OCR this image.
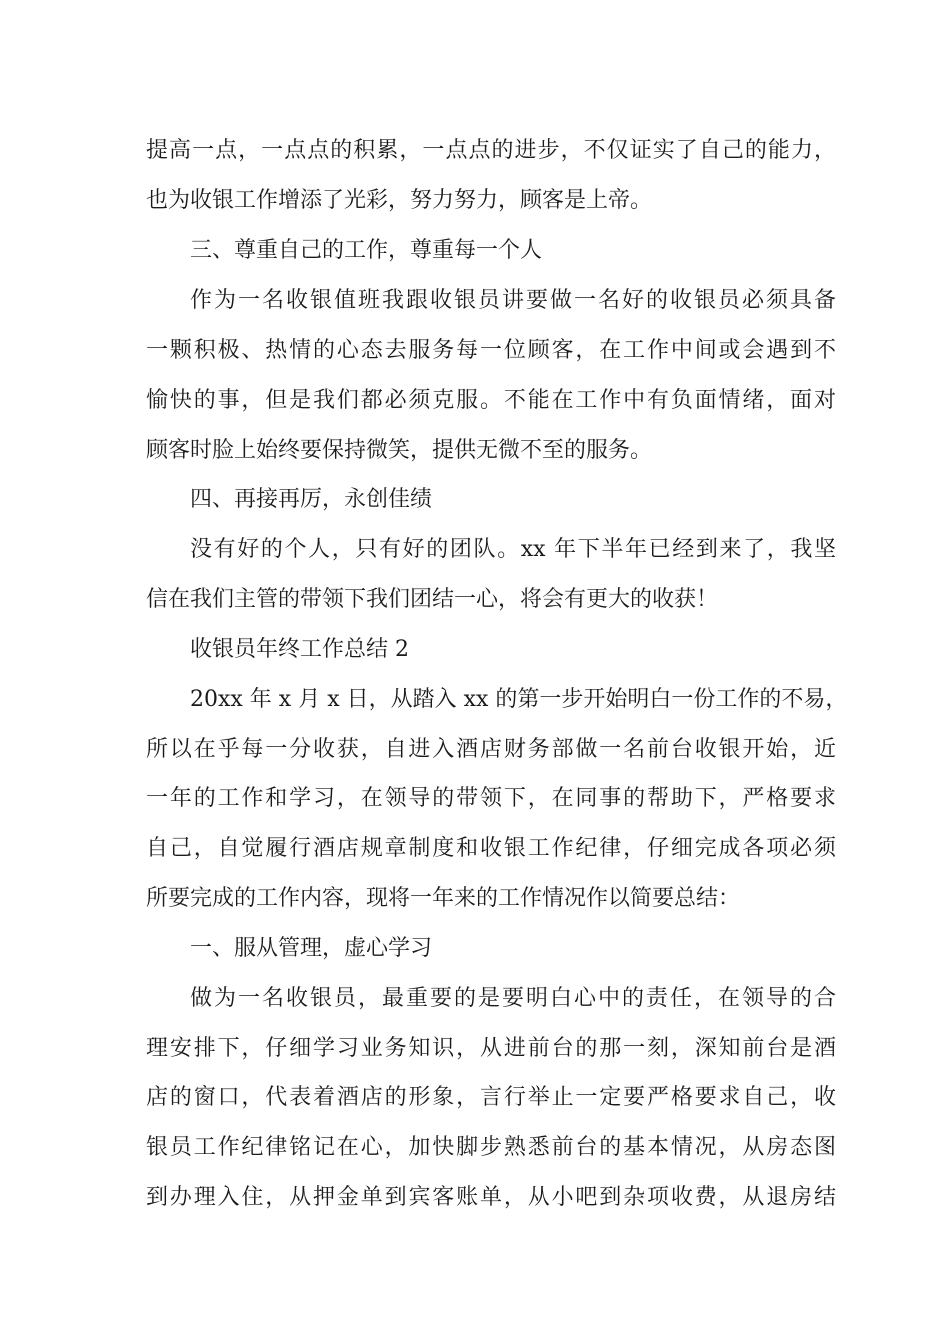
提高一点，一点点的积累，一点点的进步，不仅证实了自己的能力，
也为收银工作增添了光彩，努力努力，顾客是上帝。
三、尊重自己的工作，尊重每一个人
作为一名收银值班我跟收银员讲要做一名好的收银员必须具备
一颗积极、热情的心态去服务每一位顾客，在工作中间或会遇到不
愉快的事，但是我们都必须克服。不能在工作中有负面情绪，面对
顾客时脸上始终要保持微笑，提供无微不至的服务。
四、再接再厉，永创佳绩
没有好的个人，只有好的团队。xx 年下半年已经到来了，我坚
信在我们主管的带领下我们团结一心，将会有更大的收获！
收银员年终工作总结 2
20xx 年 x 月 x 日，从踏入 xx 的第一步开始明白一份工作的不易，
所以在乎每一分收获，自进入酒店财务部做一名前台收银开始，近
一年的工作和学习，在领导的带领下，在同事的帮助下，严格要求
自己，自觉履行酒店规章制度和收银工作纪律，仔细完成各项必须
所要完成的工作内容，现将一年来的工作情况作以简要总结：
一、服从管理，虚心学习
做为一名收银员，最重要的是要明白心中的责任，在领导的合
理安排下，仔细学习业务知识，从进前台的那一刻，深知前台是酒
店的窗口，代表着酒店的形象，言行举止一定要严格要求自己，收
银员工作纪律铭记在心，加快脚步熟悉前台的基本情况，从房态图
到办理入住，从押金单到宾客账单，从小吧到杂项收费，从退房结
